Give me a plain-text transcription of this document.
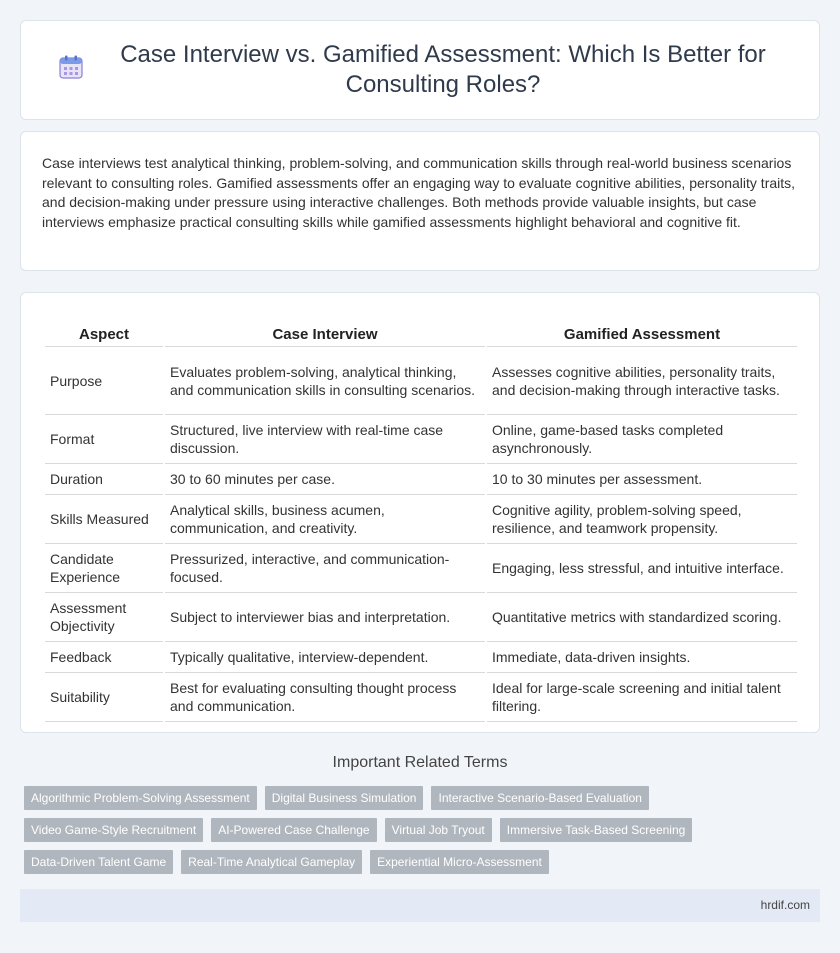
Case Interview vs. Gamified Assessment: Which Is Better for Consulting Roles?

Case interviews test analytical thinking, problem-solving, and communication skills through real-world business scenarios relevant to consulting roles. Gamified assessments offer an engaging way to evaluate cognitive abilities, personality traits, and decision-making under pressure using interactive challenges. Both methods provide valuable insights, but case interviews emphasize practical consulting skills while gamified assessments highlight behavioral and cognitive fit.

Aspect	Case Interview	Gamified Assessment
Purpose	Evaluates problem-solving, analytical thinking, and communication skills in consulting scenarios.	Assesses cognitive abilities, personality traits, and decision-making through interactive tasks.
Format	Structured, live interview with real-time case discussion.	Online, game-based tasks completed asynchronously.
Duration	30 to 60 minutes per case.	10 to 30 minutes per assessment.
Skills Measured	Analytical skills, business acumen, communication, and creativity.	Cognitive agility, problem-solving speed, resilience, and teamwork propensity.
Candidate Experience	Pressurized, interactive, and communication-focused.	Engaging, less stressful, and intuitive interface.
Assessment Objectivity	Subject to interviewer bias and interpretation.	Quantitative metrics with standardized scoring.
Feedback	Typically qualitative, interview-dependent.	Immediate, data-driven insights.
Suitability	Best for evaluating consulting thought process and communication.	Ideal for large-scale screening and initial talent filtering.
Important Related Terms
Algorithmic Problem-Solving Assessment	Digital Business Simulation	Interactive Scenario-Based Evaluation
Video Game-Style Recruitment	AI-Powered Case Challenge	Virtual Job Tryout	Immersive Task-Based Screening
Data-Driven Talent Game	Real-Time Analytical Gameplay	Experiential Micro-Assessment
hrdif.com
